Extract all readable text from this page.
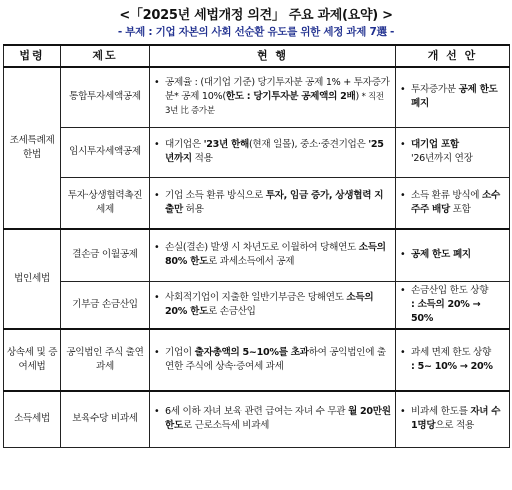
<「2025년 세법개정 의견」 주요 과제(요약) >
- 부제 : 기업 자본의 사회 선순환 유도를 위한 세정 과제 7選 -
법령	제도	현 행	개 선 안
조세특례제한법	통합투자세액공제	• 공제율 : (대기업 기준) 당기투자분 공제 1% + 투자증가분* 공제 10%(한도 : 당기투자분 공제액의 2배) * 직전 3년 比 증가분	• 투자증가분 공제 한도 폐지

	임시투자세액공제	• 대기업은 '23년 한해(현재 일몰), 중소·중견기업은 '25년까지 적용	• 대기업 포함
'26년까지 연장

	투자·상생협력촉진세제	• 기업 소득 환류 방식으로 투자, 임금 증가, 상생협력 지출만 허용	• 소득 환류 방식에 소수 주주 배당 포함

법인세법	결손금 이월공제	• 손실(결손) 발생 시 차년도로 이월하여 당해연도 소득의 80% 한도로 과세소득에서 공제	• 공제 한도 폐지

	기부금 손금산입	• 사회적기업이 지출한 일반기부금은 당해연도 소득의 20% 한도로 손금산입	• 손금산입 한도 상향
: 소득의 20% → 50%

상속세 및 증여세법	공익법인 주식 출연 과세	• 기업이 출자총액의 5~10%를 초과하여 공익법인에 출연한 주식에 상속·증여세 과세	• 과세 면제 한도 상향
: 5~ 10% → 20%

소득세법	보육수당 비과세	• 6세 이하 자녀 보육 관련 급여는 자녀 수 무관 월 20만원 한도로 근로소득세 비과세	• 비과세 한도를 자녀 수 1명당으로 적용
